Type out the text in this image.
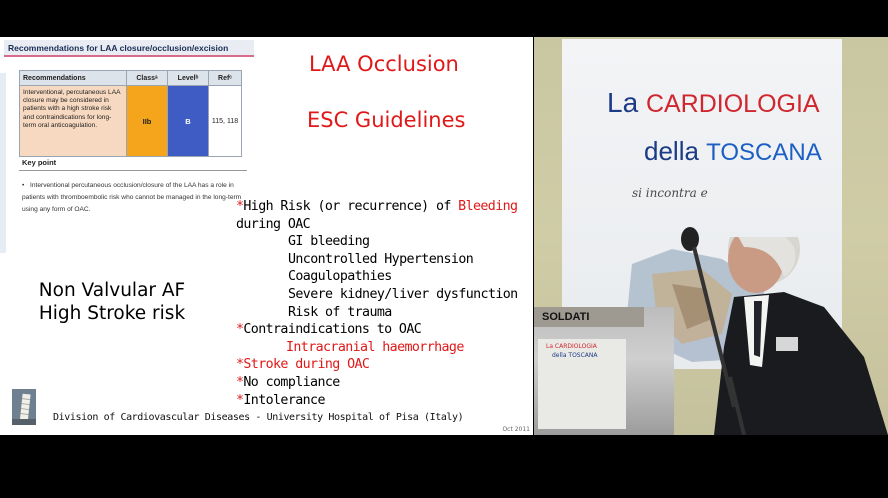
Recommendations for LAA closure/occlusion/excision
Recommendations	Classᵃ	Levelᵇ	Refᶜ
Interventional, percutaneous LAA closure may be considered in patients with a high stroke risk and contraindications for long-term oral anticoagulation.	IIb	B	115, 118
Key point
• Interventional percutaneous occlusion/closure of the LAA has a role in patients with thromboembolic risk who cannot be managed in the long-term using any form of OAC.
LAA Occlusion
ESC Guidelines
Non Valvular AF
High Stroke risk
*High Risk (or recurrence) of Bleeding
during OAC
GI bleeding
Uncontrolled Hypertension
Coagulopathies
Severe kidney/liver dysfunction
Risk of trauma
*Contraindications to OAC
Intracranial haemorrhage
*Stroke during OAC
*No compliance
*Intolerance
Division of Cardiovascular Diseases - University Hospital of Pisa (Italy)
Oct 2011
La CARDIOLOGIA
della TOSCANA
si incontra e
SOLDATI
La CARDIOLOGIA
della TOSCANA
